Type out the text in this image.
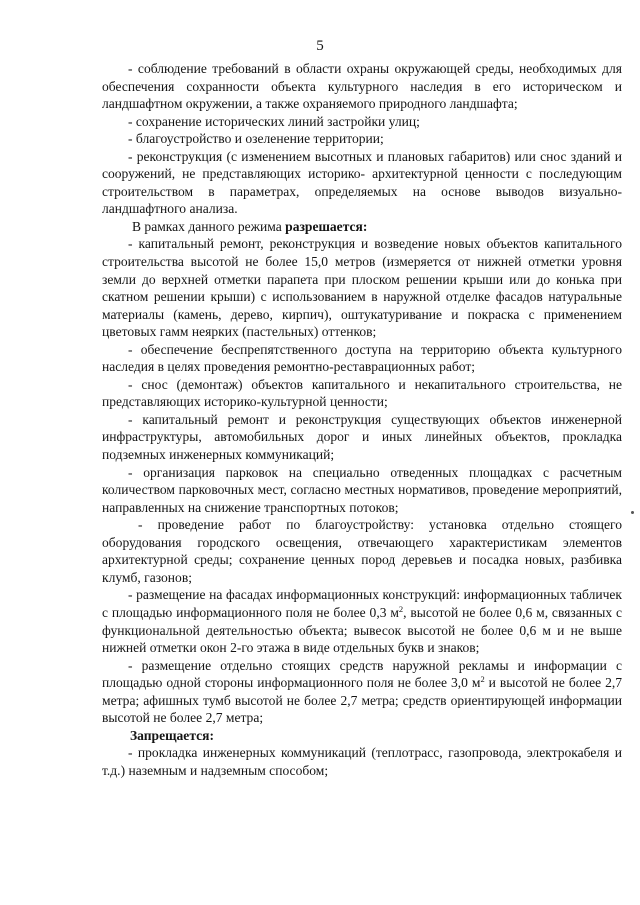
5

- соблюдение требований в области охраны окружающей среды, необходимых для обеспечения сохранности объекта культурного наследия в его историческом и ландшафтном окружении, а также охраняемого природного ландшафта;

- сохранение исторических линий застройки улиц;

- благоустройство и озеленение территории;

- реконструкция (с изменением высотных и плановых габаритов) или снос зданий и сооружений, не представляющих историко- архитектурной ценности с последующим строительством в параметрах, определяемых на основе выводов визуально-ландшафтного анализа.

В рамках данного режима разрешается:

- капитальный ремонт, реконструкция и возведение новых объектов капитального строительства высотой не более 15,0 метров (измеряется от нижней отметки уровня земли до верхней отметки парапета при плоском решении крыши или до конька при скатном решении крыши) с использованием в наружной отделке фасадов натуральные материалы (камень, дерево, кирпич), оштукатуривание и покраска с применением цветовых гамм неярких (пастельных) оттенков;

- обеспечение беспрепятственного доступа на территорию объекта культурного наследия в целях проведения ремонтно-реставрационных работ;

- снос (демонтаж) объектов капитального и некапитального строительства, не представляющих историко-культурной ценности;

- капитальный ремонт и реконструкция существующих объектов инженерной инфраструктуры, автомобильных дорог и иных линейных объектов, прокладка подземных инженерных коммуникаций;

- организация парковок на специально отведенных площадках с расчетным количеством парковочных мест, согласно местных нормативов, проведение мероприятий, направленных на снижение транспортных потоков;

- проведение работ по благоустройству: установка отдельно стоящего оборудования городского освещения, отвечающего характеристикам элементов архитектурной среды; сохранение ценных пород деревьев и посадка новых, разбивка клумб, газонов;

- размещение на фасадах информационных конструкций: информационных табличек с площадью информационного поля не более 0,3 $м^2$, высотой не более 0,6 м, связанных с функциональной деятельностью объекта; вывесок высотой не более 0,6 м и не выше нижней отметки окон 2-го этажа в виде отдельных букв и знаков;

- размещение отдельно стоящих средств наружной рекламы и информации с площадью одной стороны информационного поля не более 3,0 $м^2$ и высотой не более 2,7 метра; афишных тумб высотой не более 2,7 метра; средств ориентирующей информации высотой не более 2,7 метра;

Запрещается:

- прокладка инженерных коммуникаций (теплотрасс, газопровода, электрокабеля и т.д.) наземным и надземным способом;
